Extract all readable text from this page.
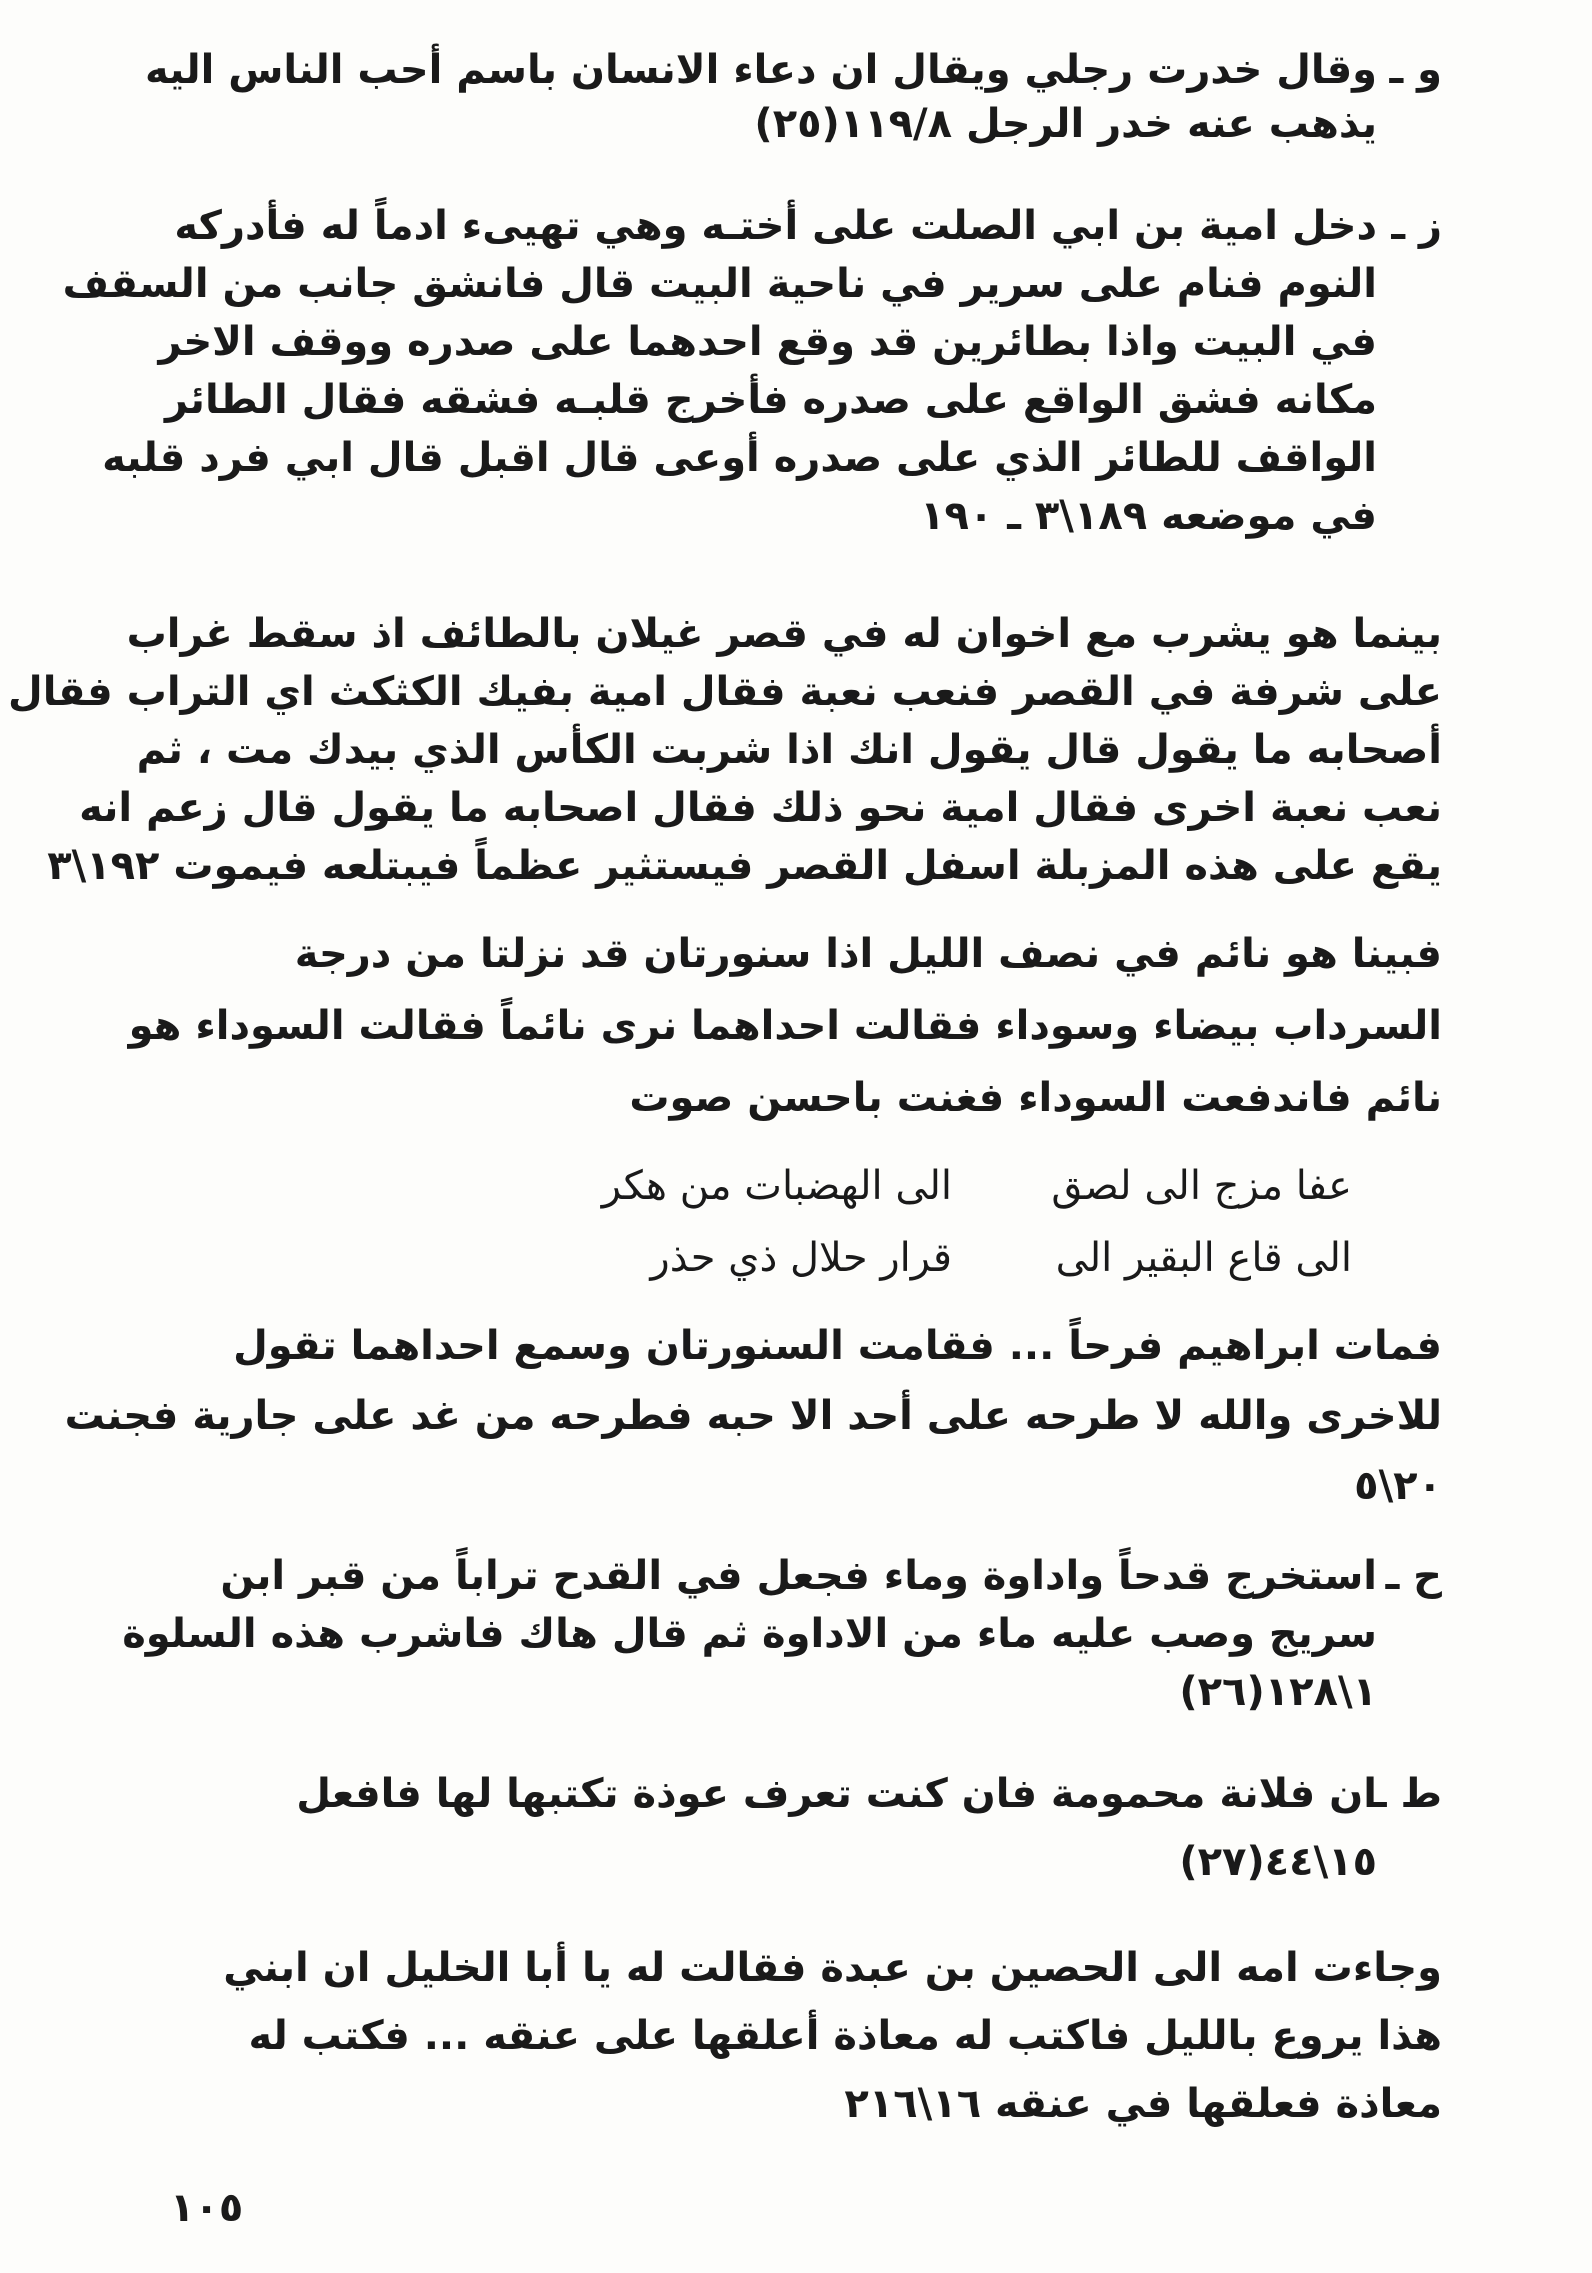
و ـ
وقال خدرت رجلي ويقال ان دعاء الانسان باسم أحب الناس اليه
يذهب عنه خدر الرجل ١١٩/٨(٢٥)
ز ـ
دخل امية بن ابي الصلت على أختـه وهي تهيىء ادماً له فأدركه
النوم فنام على سرير في ناحية البيت قال فانشق جانب من السقف
في البيت واذا بطائرين قد وقع احدهما على صدره ووقف الاخر
مكانه فشق الواقع على صدره فأخرج قلبـه فشقه فقال الطائر
الواقف للطائر الذي على صدره أوعى قال اقبل قال ابي فرد قلبه
في موضعه ١٨٩\٣ ـ ١٩٠
بينما هو يشرب مع اخوان له في قصر غيلان بالطائف اذ سقط غراب
على شرفة في القصر فنعب نعبة فقال امية بفيك الكثكث اي التراب فقال
أصحابه ما يقول قال يقول انك اذا شربت الكأس الذي بيدك مت ، ثم
نعب نعبة اخرى فقال امية نحو ذلك فقال اصحابه ما يقول قال زعم انه
يقع على هذه المزبلة اسفل القصر فيستثير عظماً فيبتلعه فيموت ١٩٢\٣
فبينا هو نائم في نصف الليل اذا سنورتان قد نزلتا من درجة
السرداب بيضاء وسوداء فقالت احداهما نرى نائماً فقالت السوداء هو
نائم فاندفعت السوداء فغنت باحسن صوت
عفا مزج الى لصق
الى الهضبات من هكر
الى قاع البقير الى
قرار حلال ذي حذر
فمات ابراهيم فرحاً ... فقامت السنورتان وسمع احداهما تقول
للاخرى والله لا طرحه على أحد الا حبه فطرحه من غد على جارية فجنت
٢٠\٥
ح ـ
استخرج قدحاً واداوة وماء فجعل في القدح تراباً من قبر ابن
سريج وصب عليه ماء من الاداوة ثم قال هاك فاشرب هذه السلوة
١\١٢٨(٢٦)
ط ـ
ان فلانة محمومة فان كنت تعرف عوذة تكتبها لها فافعل
١٥\٤٤(٢٧)
وجاءت امه الى الحصين بن عبدة فقالت له يا أبا الخليل ان ابني
هذا يروع بالليل فاكتب له معاذة أعلقها على عنقه ... فكتب له
معاذة فعلقها في عنقه ١٦\٢١٦
١٠٥
